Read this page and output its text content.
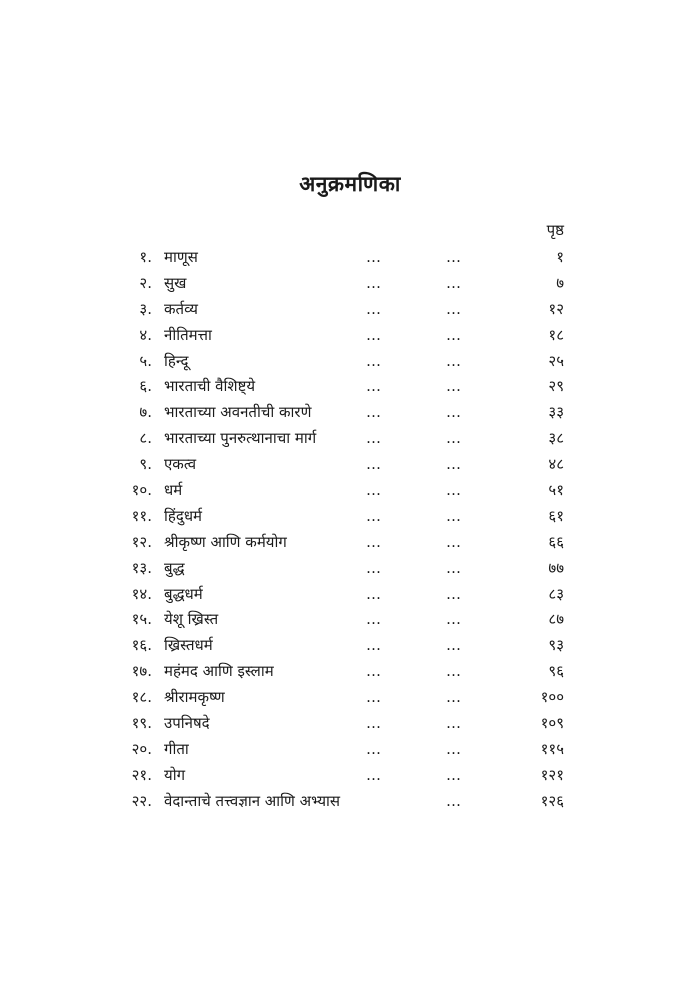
अनुक्रमणिका
पृष्ठ
१. माणूस	…	…	१
२. सुख	…	…	७
३. कर्तव्य	…	…	१२
४. नीतिमत्ता	…	…	१८
५. हिन्दू	…	…	२५
६. भारताची वैशिष्ट्ये	…	…	२९
७. भारताच्या अवनतीची कारणे	…	…	३३
८. भारताच्या पुनरुत्थानाचा मार्ग	…	…	३८
९. एकत्व	…	…	४८
१०. धर्म	…	…	५१
११. हिंदुधर्म	…	…	६१
१२. श्रीकृष्ण आणि कर्मयोग	…	…	६६
१३. बुद्ध	…	…	७७
१४. बुद्धधर्म	…	…	८३
१५. येशू ख्रिस्त	…	…	८७
१६. ख्रिस्तधर्म	…	…	९३
१७. महंमद आणि इस्लाम	…	…	९६
१८. श्रीरामकृष्ण	…	…	१००
१९. उपनिषदे	…	…	१०९
२०. गीता	…	…	११५
२१. योग	…	…	१२१
२२. वेदान्ताचे तत्त्वज्ञान आणि अभ्यास	…	१२६
